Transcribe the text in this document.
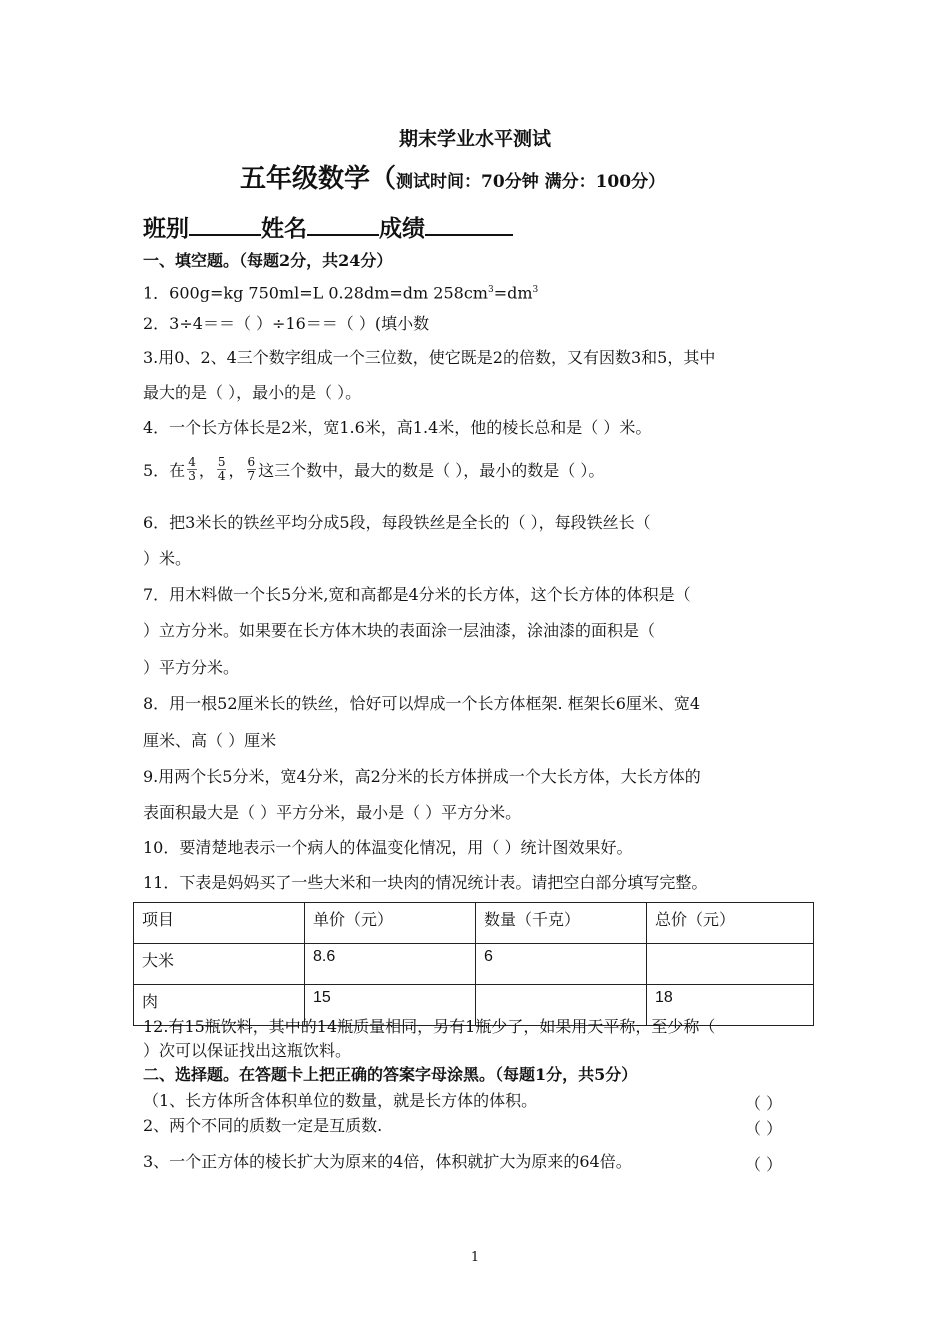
期末学业水平测试
五年级数学（测试时间：70分钟 满分：100分）
班别	姓名	成绩
一、填空题。（每题2分，共24分）
1．600g=kg 750ml=L 0.28dm=dm $258cm^3=dm^3$
2．3÷4＝＝（ ）÷16＝＝（ ）(填小数
3.用0、2、4三个数字组成一个三位数，使它既是2的倍数，又有因数3和5，其中
最大的是（ ），最小的是（ ）。
4．一个长方体长是2米，宽1.6米，高1.4米，他的棱长总和是（ ）米。
5．在 $\frac{4}{3}$ ， $\frac{5}{4}$ ， $\frac{6}{7}$ 这三个数中，最大的数是（ ），最小的数是（ ）。
6．把3米长的铁丝平均分成5段，每段铁丝是全长的（ ），每段铁丝长（
）米。
7．用木料做一个长5分米,宽和高都是4分米的长方体，这个长方体的体积是（
）立方分米。如果要在长方体木块的表面涂一层油漆，涂油漆的面积是（
）平方分米。
8．用一根52厘米长的铁丝，恰好可以焊成一个长方体框架. 框架长6厘米、宽4
厘米、高（ ）厘米
9.用两个长5分米，宽4分米，高2分米的长方体拼成一个大长方体，大长方体的
表面积最大是（ ）平方分米，最小是（ ）平方分米。
10．要清楚地表示一个病人的体温变化情况，用（ ）统计图效果好。
11．下表是妈妈买了一些大米和一块肉的情况统计表。请把空白部分填写完整。
项目	单价（元）	数量（千克）	总价（元）
大米	8.6	6	
肉	15		18
12.有15瓶饮料，其中的14瓶质量相同，另有1瓶少了，如果用天平称，至少称（
）次可以保证找出这瓶饮料。
二、选择题。在答题卡上把正确的答案字母涂黑。（每题1分，共5分）
（1、长方体所含体积单位的数量，就是长方体的体积。	（ ）
2、两个不同的质数一定是互质数.	（ ）
3、一个正方体的棱长扩大为原来的4倍，体积就扩大为原来的64倍。	（ ）
1
